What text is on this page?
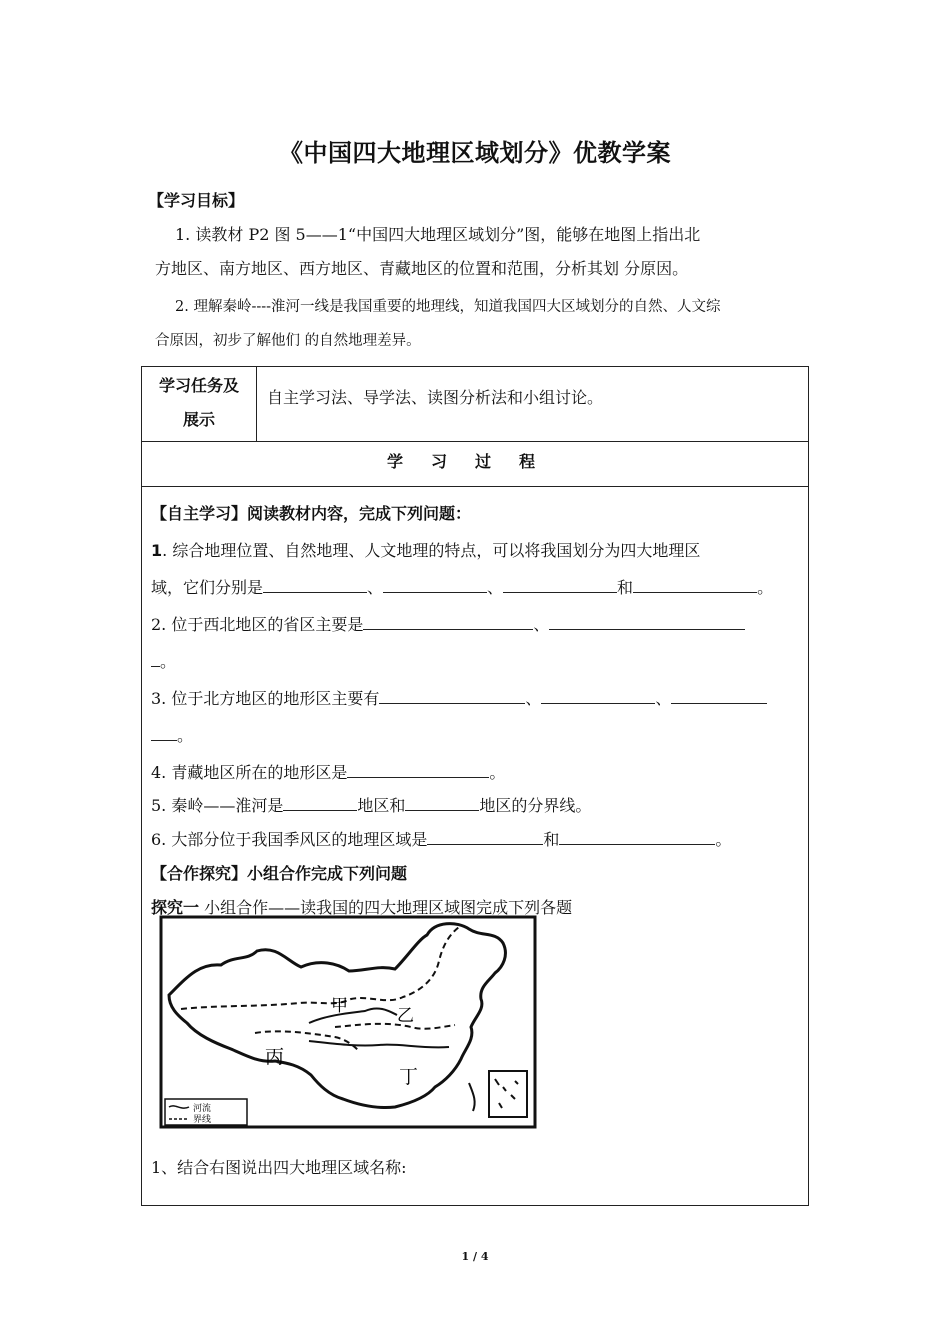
《中国四大地理区域划分》优教学案
【学习目标】
1. 读教材 P2 图 5——1“中国四大地理区域划分”图，能够在地图上指出北
方地区、南方地区、西方地区、青藏地区的位置和范围，分析其划 分原因。
2. 理解秦岭----淮河一线是我国重要的地理线，知道我国四大区域划分的自然、人文综
合原因，初步了解他们 的自然地理差异。
学习任务及
展示
	自主学习法、导学法、读图分析法和小组讨论。
学习过程

【自主学习】阅读教材内容，完成下列问题：
1. 综合地理位置、自然地理、人文地理的特点，可以将我国划分为四大地理区
域，它们分别是	、	、	和	。
2. 位于西北地区的省区主要是	、
。
3. 位于北方地区的地形区主要有	、	、
。
4. 青藏地区所在的地形区是	。
5. 秦岭——淮河是	地区和	地区的分界线。
6. 大部分位于我国季风区的地理区域是	和	。
【合作探究】小组合作完成下列问题
探究一 小组合作——读我国的四大地理区域图完成下列各题
甲	乙
丙
丁
河流
界线
1、结合右图说出四大地理区域名称:
1 / 4
